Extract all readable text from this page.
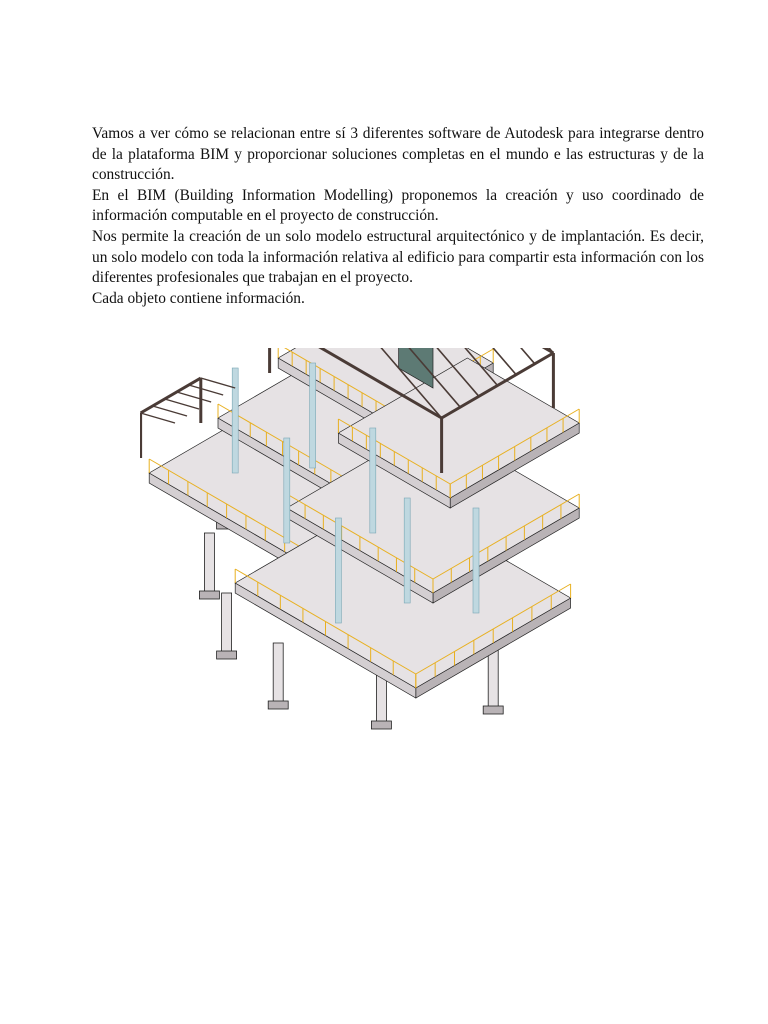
Vamos a ver cómo se relacionan entre sí 3 diferentes software de Autodesk para integrarse dentro de la plataforma BIM y proporcionar soluciones completas en el mundo e las estructuras y de la construcción.

En el BIM (Building Information Modelling) proponemos la creación y uso coordinado de información computable en el proyecto de construcción.

Nos permite la creación de un solo modelo estructural arquitectónico y de implantación. Es decir, un solo modelo con toda la información relativa al edificio para compartir esta información con los diferentes profesionales que trabajan en el proyecto.

Cada objeto contiene información.
